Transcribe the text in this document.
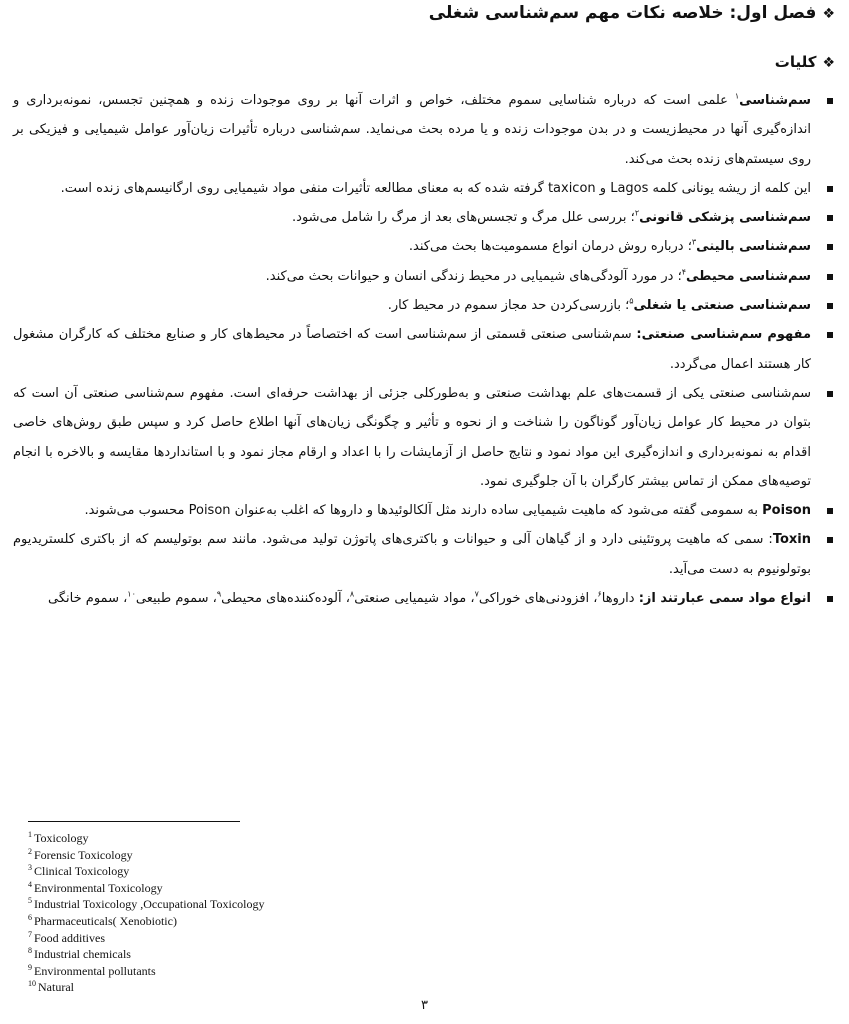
❖فصل اول: خلاصه نکات مهم سم‌شناسی شغلی
❖کلیات
سم‌شناسی$^۱$ علمی است که درباره شناسایی سموم مختلف، خواص و اثرات آنها بر روی موجودات زنده و همچنین تجسس، نمونه‌برداری و اندازه‌گیری آنها در محیط‌زیست و در بدن موجودات زنده و یا مرده بحث می‌نماید. سم‌شناسی درباره تأثیرات زیان‌آور عوامل شیمیایی و فیزیکی بر روی سیستم‌های زنده بحث می‌کند.
این کلمه از ریشه یونانی کلمه Lagos و taxicon گرفته شده که به معنای مطالعه تأثیرات منفی مواد شیمیایی روی ارگانیسم‌های زنده است.
سم‌شناسی پزشکی قانونی$^۲$؛ بررسی علل مرگ و تجسس‌های بعد از مرگ را شامل می‌شود.
سم‌شناسی بالینی$^۳$؛ درباره روش درمان انواع مسمومیت‌ها بحث می‌کند.
سم‌شناسی محیطی$^۴$؛ در مورد آلودگی‌های شیمیایی در محیط زندگی انسان و حیوانات بحث می‌کند.
سم‌شناسی صنعتی یا شغلی$^۵$؛ بازرسی‌کردن حد مجاز سموم در محیط کار.
مفهوم سم‌شناسی صنعتی: سم‌شناسی صنعتی قسمتی از سم‌شناسی است که اختصاصاً در محیط‌های کار و صنایع مختلف که کارگران مشغول کار هستند اعمال می‌گردد.
سم‌شناسی صنعتی یکی از قسمت‌های علم بهداشت صنعتی و به‌طورکلی جزئی از بهداشت حرفه‌ای است. مفهوم سم‌شناسی صنعتی آن است که بتوان در محیط کار عوامل زیان‌آور گوناگون را شناخت و از نحوه و تأثیر و چگونگی زیان‌های آنها اطلاع حاصل کرد و سپس طبق روش‌های خاصی اقدام به نمونه‌برداری و اندازه‌گیری این مواد نمود و نتایج حاصل از آزمایشات را با اعداد و ارقام مجاز نمود و با استانداردها مقایسه و بالاخره با انجام توصیه‌های ممکن از تماس بیشتر کارگران با آن جلوگیری نمود.
Poison به سمومی گفته می‌شود که ماهیت شیمیایی ساده دارند مثل آلکالوئیدها و داروها که اغلب به‌عنوان Poison محسوب می‌شوند.
Toxin: سمی که ماهیت پروتئینی دارد و از گیاهان آلی و حیوانات و باکتری‌های پاتوژن تولید می‌شود. مانند سم بوتولیسم که از باکتری کلستریدیوم بوتولونیوم به دست می‌آید.
انواع مواد سمی عبارتند از: داروها$^۶$، افزودنی‌های خوراکی$^۷$، مواد شیمیایی صنعتی$^۸$، آلوده‌کننده‌های محیطی$^۹$، سموم طبیعی$^{۱۰}$، سموم خانگی
$^1$ Toxicology
$^2$ Forensic Toxicology
$^3$ Clinical Toxicology
$^4$ Environmental Toxicology
$^5$ Industrial Toxicology ,Occupational Toxicology
$^6$ Pharmaceuticals( Xenobiotic)
$^7$ Food additives
$^8$ Industrial chemicals
$^9$ Environmental pollutants
$^{10}$ Natural
۳
